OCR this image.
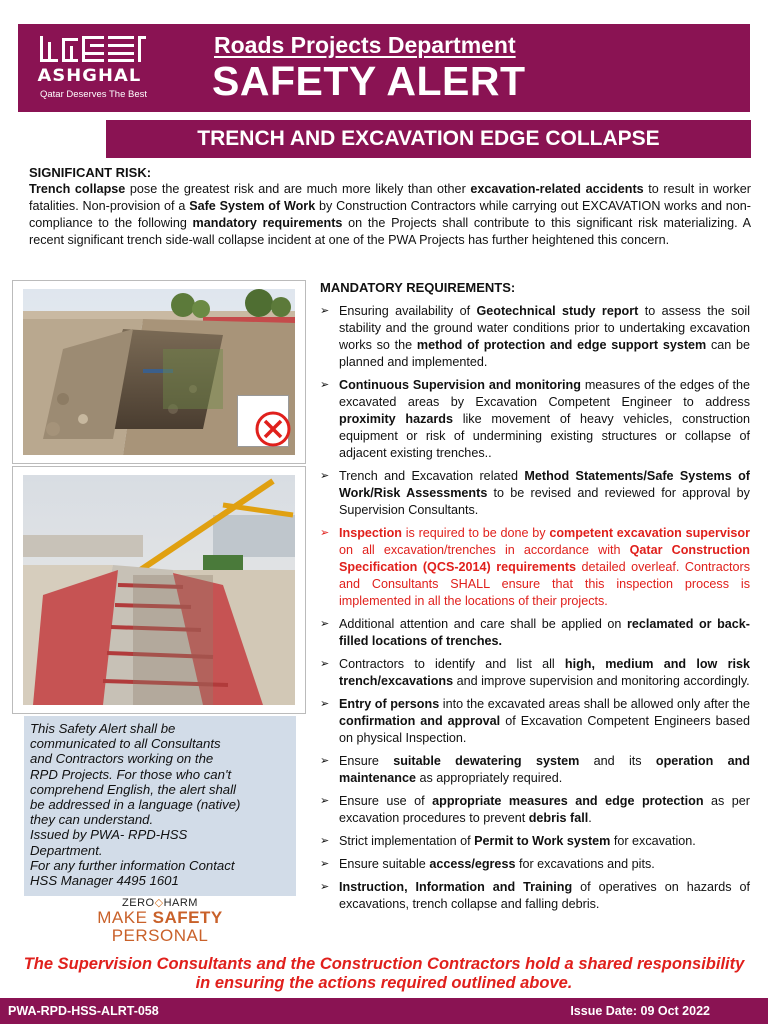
ASHGHAL
Qatar Deserves The Best
Roads Projects Department
SAFETY ALERT
TRENCH AND EXCAVATION EDGE COLLAPSE
SIGNIFICANT RISK:
Trench collapse pose the greatest risk and are much more likely than other excavation-related accidents to result in worker fatalities. Non-provision of a Safe System of Work by Construction Contractors while carrying out EXCAVATION works and non-compliance to the following mandatory requirements on the Projects shall contribute to this significant risk materializing. A recent significant trench side-wall collapse incident at one of the PWA Projects has further heightened this concern.
This Safety Alert shall be
communicated to all Consultants
and Contractors working on the
RPD Projects. For those who can't
comprehend English, the alert shall
be addressed in a language (native)
they can understand.
Issued by PWA- RPD-HSS
Department.
For any further information Contact
HSS Manager 4495 1601
ZERO◇HARM
MAKE SAFETY
PERSONAL
MANDATORY REQUIREMENTS:
➢ Ensuring availability of Geotechnical study report to assess the soil stability and the ground water conditions prior to undertaking excavation works so the method of protection and edge support system can be planned and implemented.
➢ Continuous Supervision and monitoring measures of the edges of the excavated areas by Excavation Competent Engineer to address proximity hazards like movement of heavy vehicles, construction equipment or risk of undermining existing structures or collapse of adjacent existing trenches..
➢ Trench and Excavation related Method Statements/Safe Systems of Work/Risk Assessments to be revised and reviewed for approval by Supervision Consultants.
➢ Inspection is required to be done by competent excavation supervisor on all excavation/trenches in accordance with Qatar Construction Specification (QCS-2014) requirements detailed overleaf. Contractors and Consultants SHALL ensure that this inspection process is implemented in all the locations of their projects.
➢ Additional attention and care shall be applied on reclamated or back-filled locations of trenches.
➢ Contractors to identify and list all high, medium and low risk trench/excavations and improve supervision and monitoring accordingly.
➢ Entry of persons into the excavated areas shall be allowed only after the confirmation and approval of Excavation Competent Engineers based on physical Inspection.
➢ Ensure suitable dewatering system and its operation and maintenance as appropriately required.
➢ Ensure use of appropriate measures and edge protection as per excavation procedures to prevent debris fall.
➢ Strict implementation of Permit to Work system for excavation.
➢ Ensure suitable access/egress for excavations and pits.
➢ Instruction, Information and Training of operatives on hazards of excavations, trench collapse and falling debris.
The Supervision Consultants and the Construction Contractors hold a shared responsibility
in ensuring the actions required outlined above.
PWA-RPD-HSS-ALRT-058	Issue Date: 09 Oct 2022
